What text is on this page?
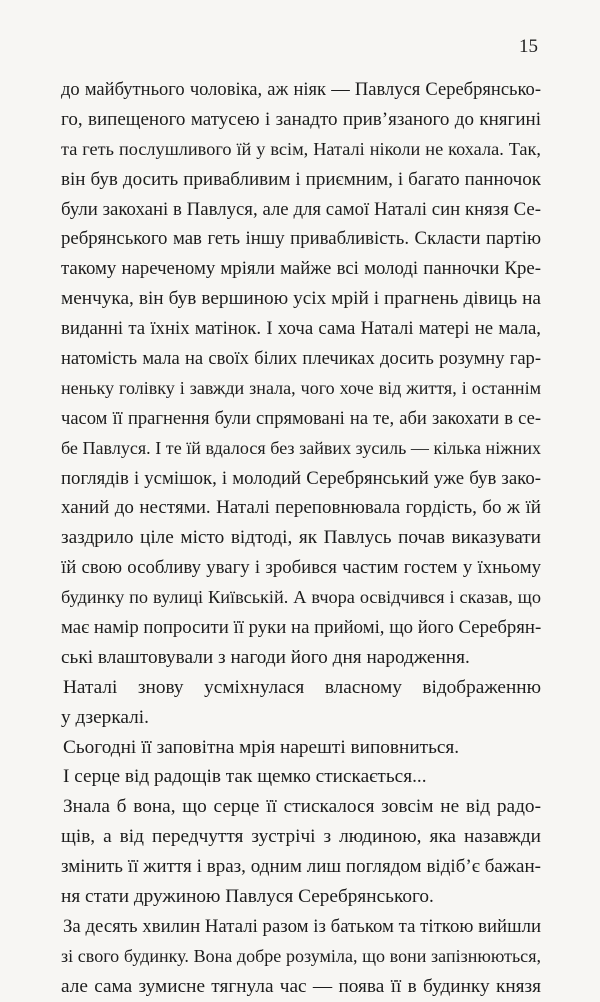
15
до майбутнього чоловіка, аж ніяк — Павлуся Серебрянсько-
го, випещеного матусею і занадто прив’язаного до княгині
та геть послушливого їй у всім, Наталі ніколи не кохала. Так,
він був досить привабливим і приємним, і багато панночок
були закохані в Павлуся, але для самої Наталі син князя Се-
ребрянського мав геть іншу привабливість. Скласти партію
такому нареченому мріяли майже всі молоді панночки Кре-
менчука, він був вершиною усіх мрій і прагнень дівиць на
виданні та їхніх матінок. І хоча сама Наталі матері не мала,
натомість мала на своїх білих плечиках досить розумну гар-
неньку голівку і завжди знала, чого хоче від життя, і останнім
часом її прагнення були спрямовані на те, аби закохати в се-
бе Павлуся. І те їй вдалося без зайвих зусиль — кілька ніжних
поглядів і усмішок, і молодий Серебрянський уже був зако-
ханий до нестями. Наталі переповнювала гордість, бо ж їй
заздрило ціле місто відтоді, як Павлусь почав виказувати
їй свою особливу увагу і зробився частим гостем у їхньому
будинку по вулиці Київській. А вчора освідчився і сказав, що
має намір попросити її руки на прийомі, що його Серебрян-
ські влаштовували з нагоди його дня народження.
Наталі знову усміхнулася власному відображенню
у дзеркалі.
Сьогодні її заповітна мрія нарешті виповниться.
І серце від радощів так щемко стискається...
Знала б вона, що серце її стискалося зовсім не від радо-
щів, а від передчуття зустрічі з людиною, яка назавжди
змінить її життя і враз, одним лиш поглядом відібʼє бажан-
ня стати дружиною Павлуся Серебрянського.
За десять хвилин Наталі разом із батьком та тіткою вийшли
зі свого будинку. Вона добре розуміла, що вони запізнюються,
але сама зумисне тягнула час — поява її в будинку князя
